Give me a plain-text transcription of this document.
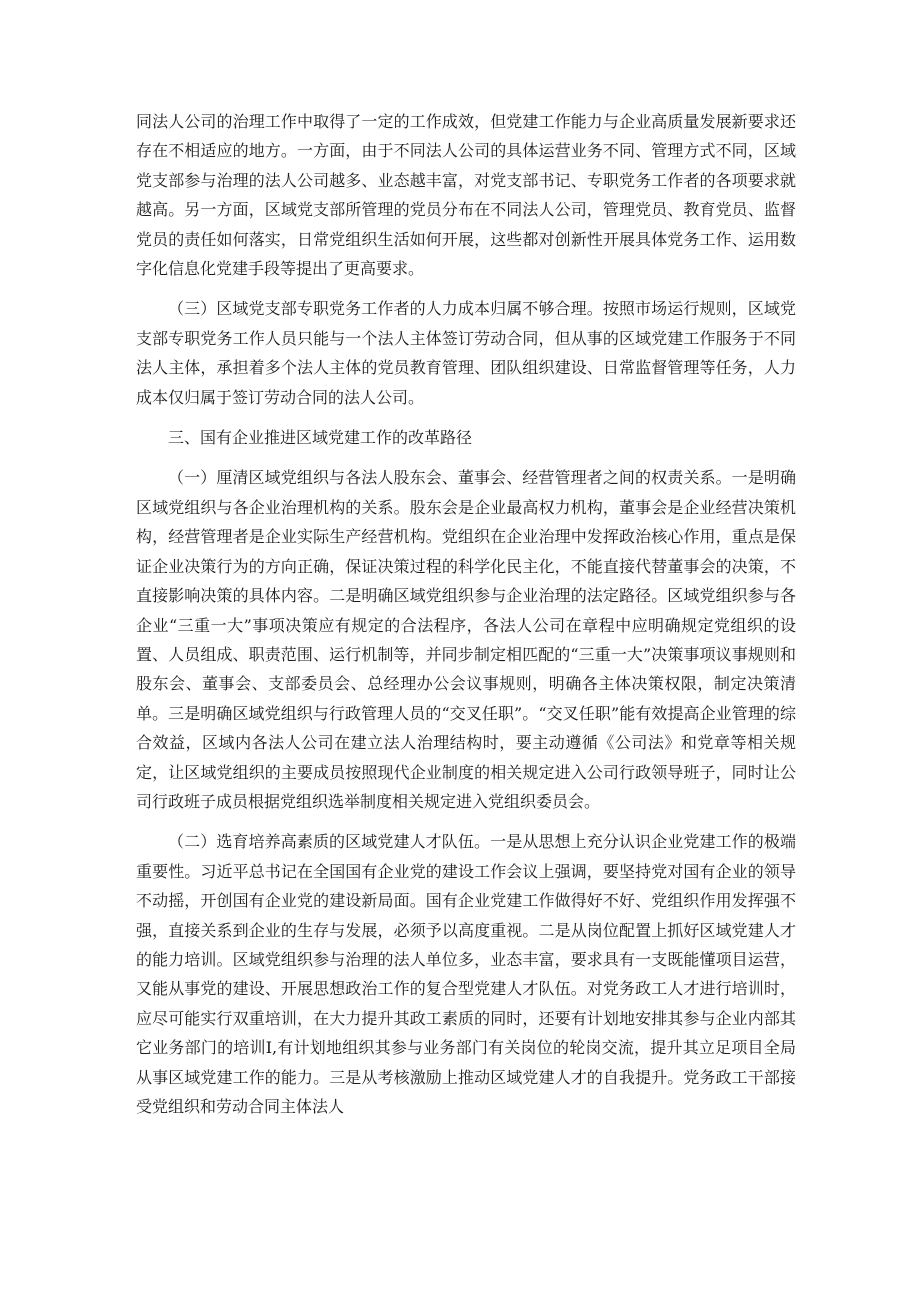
同法人公司的治理工作中取得了一定的工作成效，但党建工作能力与企业高质量发展新要求还存在不相适应的地方。一方面，由于不同法人公司的具体运营业务不同、管理方式不同，区域党支部参与治理的法人公司越多、业态越丰富，对党支部书记、专职党务工作者的各项要求就越高。另一方面，区域党支部所管理的党员分布在不同法人公司，管理党员、教育党员、监督党员的责任如何落实，日常党组织生活如何开展，这些都对创新性开展具体党务工作、运用数字化信息化党建手段等提出了更高要求。

（三）区域党支部专职党务工作者的人力成本归属不够合理。按照市场运行规则，区域党支部专职党务工作人员只能与一个法人主体签订劳动合同，但从事的区域党建工作服务于不同法人主体，承担着多个法人主体的党员教育管理、团队组织建设、日常监督管理等任务，人力成本仅归属于签订劳动合同的法人公司。

三、国有企业推进区域党建工作的改革路径

（一）厘清区域党组织与各法人股东会、董事会、经营管理者之间的权责关系。一是明确区域党组织与各企业治理机构的关系。股东会是企业最高权力机构，董事会是企业经营决策机构，经营管理者是企业实际生产经营机构。党组织在企业治理中发挥政治核心作用，重点是保证企业决策行为的方向正确，保证决策过程的科学化民主化，不能直接代替董事会的决策，不直接影响决策的具体内容。二是明确区域党组织参与企业治理的法定路径。区域党组织参与各企业“三重一大”事项决策应有规定的合法程序，各法人公司在章程中应明确规定党组织的设置、人员组成、职责范围、运行机制等，并同步制定相匹配的“三重一大”决策事项议事规则和股东会、董事会、支部委员会、总经理办公会议事规则，明确各主体决策权限，制定决策清单。三是明确区域党组织与行政管理人员的“交叉任职”。“交叉任职”能有效提高企业管理的综合效益，区域内各法人公司在建立法人治理结构时，要主动遵循《公司法》和党章等相关规定，让区域党组织的主要成员按照现代企业制度的相关规定进入公司行政领导班子，同时让公司行政班子成员根据党组织选举制度相关规定进入党组织委员会。

（二）选育培养高素质的区域党建人才队伍。一是从思想上充分认识企业党建工作的极端重要性。习近平总书记在全国国有企业党的建设工作会议上强调，要坚持党对国有企业的领导不动摇，开创国有企业党的建设新局面。国有企业党建工作做得好不好、党组织作用发挥强不强，直接关系到企业的生存与发展，必须予以高度重视。二是从岗位配置上抓好区域党建人才的能力培训。区域党组织参与治理的法人单位多，业态丰富，要求具有一支既能懂项目运营，又能从事党的建设、开展思想政治工作的复合型党建人才队伍。对党务政工人才进行培训时，应尽可能实行双重培训，在大力提升其政工素质的同时，还要有计划地安排其参与企业内部其它业务部门的培训I,有计划地组织其参与业务部门有关岗位的轮岗交流，提升其立足项目全局从事区域党建工作的能力。三是从考核激励上推动区域党建人才的自我提升。党务政工干部接受党组织和劳动合同主体法人
